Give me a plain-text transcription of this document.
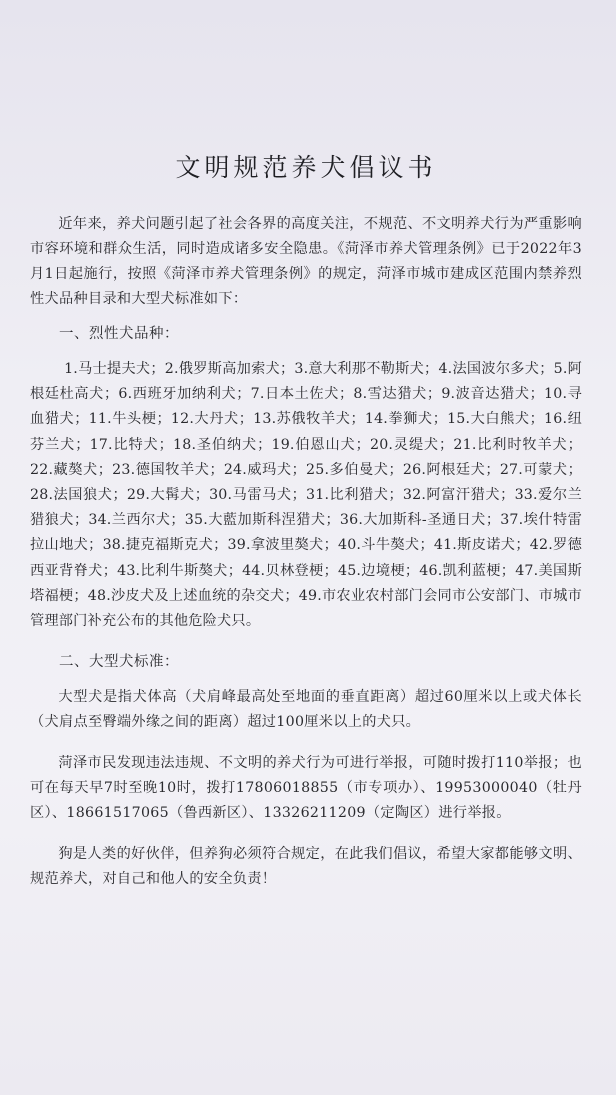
文明规范养犬倡议书

近年来，养犬问题引起了社会各界的高度关注，不规范、不文明养犬行为严重影响市容环境和群众生活，同时造成诸多安全隐患。《菏泽市养犬管理条例》已于2022年3月1日起施行，按照《菏泽市养犬管理条例》的规定，菏泽市城市建成区范围内禁养烈性犬品种目录和大型犬标准如下：

一、烈性犬品种：

1.马士提夫犬；2.俄罗斯高加索犬；3.意大利那不勒斯犬；4.法国波尔多犬；5.阿根廷杜高犬；6.西班牙加纳利犬；7.日本土佐犬；8.雪达猎犬；9.波音达猎犬；10.寻血猎犬；11.牛头梗；12.大丹犬；13.苏俄牧羊犬；14.拳狮犬；15.大白熊犬；16.纽芬兰犬；17.比特犬；18.圣伯纳犬；19.伯恩山犬；20.灵缇犬；21.比利时牧羊犬；22.藏獒犬；23.德国牧羊犬；24.威玛犬；25.多伯曼犬；26.阿根廷犬；27.可蒙犬；28.法国狼犬；29.大髯犬；30.马雷马犬；31.比利猎犬；32.阿富汗猎犬；33.爱尔兰猎狼犬；34.兰西尔犬；35.大藍加斯科涅猎犬；36.大加斯科-圣通日犬；37.埃什特雷拉山地犬；38.捷克福斯克犬；39.拿波里獒犬；40.斗牛獒犬；41.斯皮诺犬；42.罗德西亚背脊犬；43.比利牛斯獒犬；44.贝林登梗；45.边境梗；46.凯利蓝梗；47.美国斯塔福梗；48.沙皮犬及上述血统的杂交犬；49.市农业农村部门会同市公安部门、市城市管理部门补充公布的其他危险犬只。

二、大型犬标准：

大型犬是指犬体高（犬肩峰最高处至地面的垂直距离）超过60厘米以上或犬体长（犬肩点至臀端外缘之间的距离）超过100厘米以上的犬只。

菏泽市民发现违法违规、不文明的养犬行为可进行举报，可随时拨打110举报；也可在每天早7时至晚10时，拨打17806018855（市专项办）、19953000040（牡丹区）、18661517065（鲁西新区）、13326211209（定陶区）进行举报。

狗是人类的好伙伴，但养狗必须符合规定，在此我们倡议，希望大家都能够文明、规范养犬，对自己和他人的安全负责！
